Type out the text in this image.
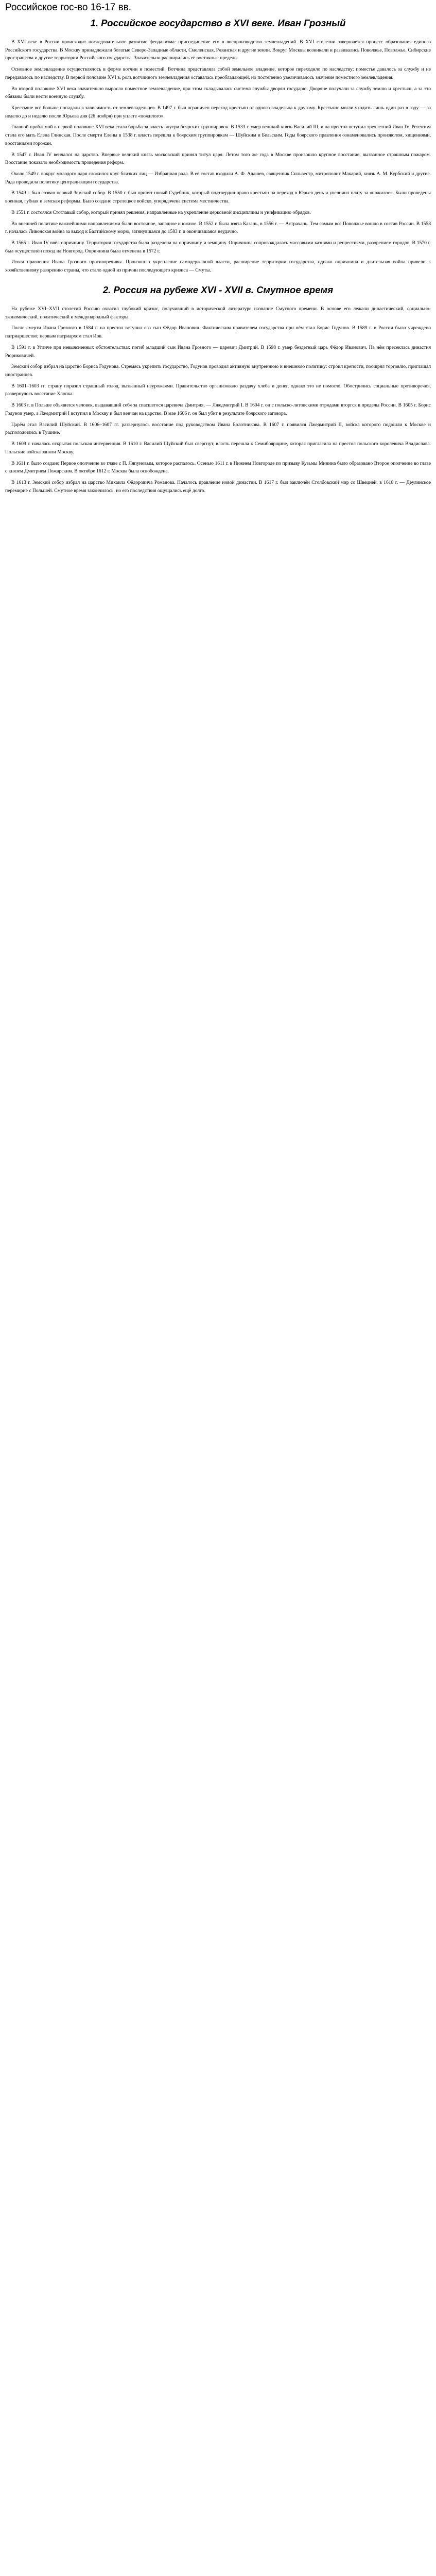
Российское гос-во 16-17 вв.
1. Российское государство в XVI веке. Иван Грозный

В XVI веке в России происходит последовательное развитие феодализма: присоединение его в воспроизводство землевладений. В XVI столетии завершается процесс образования единого Российского государства. В Москву принадлежали богатые Северо-Западные области, Смоленская, Рязанская и другие земли. Вокруг Москвы возникали и развивались Поволжье, Поволжье, Сибирские пространства и другие территории Российского государства. Значительно расширились её восточные пределы.

Основное землевладение осуществлялось в форме вотчин и поместий. Вотчина представляла собой земельное владение, которое переходило по наследству; поместье давалось за службу и не передавалось по наследству. В первой половине XVI в. роль вотчинного землевладения оставалась преобладающей, но постепенно увеличивалось значение поместного землевладения.

Во второй половине XVI века значительно выросло поместное землевладение, при этом складывалась система службы дворян государю. Дворяне получали за службу землю и крестьян, а за это обязаны были нести военную службу.

Крестьяне всё больше попадали в зависимость от землевладельцев. В 1497 г. был ограничен переход крестьян от одного владельца к другому. Крестьяне могли уходить лишь один раз в году — за неделю до и неделю после Юрьева дня (26 ноября) при уплате «пожилого».

Главной проблемой в первой половине XVI века стала борьба за власть внутри боярских группировок. В 1533 г. умер великий князь Василий III, и на престол вступил трехлетний Иван IV. Регентом стала его мать Елена Глинская. После смерти Елены в 1538 г. власть перешла к боярским группировкам — Шуйским и Бельским. Годы боярского правления ознаменовались произволом, хищениями, восстаниями горожан.

В 1547 г. Иван IV венчался на царство. Впервые великий князь московский принял титул царя. Летом того же года в Москве произошло крупное восстание, вызванное страшным пожаром. Восстание показало необходимость проведения реформ.

Около 1549 г. вокруг молодого царя сложился круг близких лиц — Избранная рада. В её состав входили А. Ф. Адашев, священник Сильвестр, митрополит Макарий, князь А. М. Курбский и другие. Рада проводила политику централизации государства.

В 1549 г. был созван первый Земский собор. В 1550 г. был принят новый Судебник, который подтвердил право крестьян на переход в Юрьев день и увеличил плату за «пожилое». Были проведены военная, губная и земская реформы. Было создано стрелецкое войско, упорядочена система местничества.

В 1551 г. состоялся Стоглавый собор, который принял решения, направленные на укрепление церковной дисциплины и унификацию обрядов.

Во внешней политике важнейшими направлениями были восточное, западное и южное. В 1552 г. была взята Казань, в 1556 г. — Астрахань. Тем самым всё Поволжье вошло в состав России. В 1558 г. началась Ливонская война за выход к Балтийскому морю, затянувшаяся до 1583 г. и окончившаяся неудачно.

В 1565 г. Иван IV ввёл опричнину. Территория государства была разделена на опричнину и земщину. Опричнина сопровождалась массовыми казнями и репрессиями, разорением городов. В 1570 г. был осуществлён поход на Новгород. Опричнина была отменена в 1572 г.

Итоги правления Ивана Грозного противоречивы. Произошло укрепление самодержавной власти, расширение территории государства, однако опричнина и длительная война привели к хозяйственному разорению страны, что стало одной из причин последующего кризиса — Смуты.

2. Россия на рубеже XVI - XVII в. Смутное время

На рубеже XVI–XVII столетий Россию охватил глубокий кризис, получивший в исторической литературе название Смутного времени. В основе его лежали династический, социально-экономический, политический и международный факторы.

После смерти Ивана Грозного в 1584 г. на престол вступил его сын Фёдор Иванович. Фактическим правителем государства при нём стал Борис Годунов. В 1589 г. в России было учреждено патриаршество; первым патриархом стал Иов.

В 1591 г. в Угличе при невыясненных обстоятельствах погиб младший сын Ивана Грозного — царевич Дмитрий. В 1598 г. умер бездетный царь Фёдор Иванович. На нём пресеклась династия Рюриковичей.

Земский собор избрал на царство Бориса Годунова. Стремясь укрепить государство, Годунов проводил активную внутреннюю и внешнюю политику: строил крепости, поощрял торговлю, приглашал иностранцев.

В 1601–1603 гг. страну поразил страшный голод, вызванный неурожаями. Правительство организовало раздачу хлеба и денег, однако это не помогло. Обострились социальные противоречия, развернулось восстание Хлопка.

В 1603 г. в Польше объявился человек, выдававший себя за спасшегося царевича Дмитрия, — Лжедмитрий I. В 1604 г. он с польско-литовскими отрядами вторгся в пределы России. В 1605 г. Борис Годунов умер, а Лжедмитрий I вступил в Москву и был венчан на царство. В мае 1606 г. он был убит в результате боярского заговора.

Царём стал Василий Шуйский. В 1606–1607 гг. развернулось восстание под руководством Ивана Болотникова. В 1607 г. появился Лжедмитрий II, войска которого подошли к Москве и расположились в Тушине.

В 1609 г. началась открытая польская интервенция. В 1610 г. Василий Шуйский был свергнут, власть перешла к Семибоярщине, которая пригласила на престол польского королевича Владислава. Польские войска заняли Москву.

В 1611 г. было создано Первое ополчение во главе с П. Ляпуновым, которое распалось. Осенью 1611 г. в Нижнем Новгороде по призыву Кузьмы Минина было образовано Второе ополчение во главе с князем Дмитрием Пожарским. В октябре 1612 г. Москва была освобождена.

В 1613 г. Земский собор избрал на царство Михаила Фёдоровича Романова. Началось правление новой династии. В 1617 г. был заключён Столбовский мир со Швецией, в 1618 г. — Деулинское перемирие с Польшей. Смутное время закончилось, но его последствия ощущались ещё долго.
